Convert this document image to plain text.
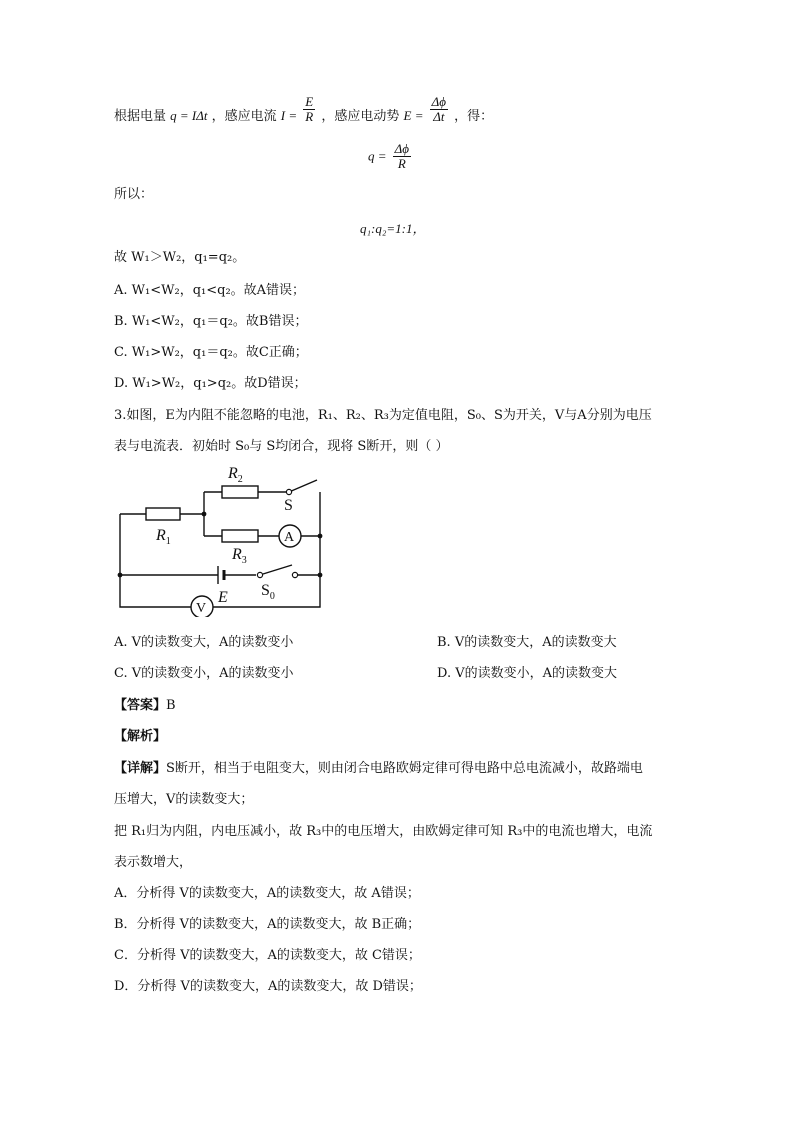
根据电量 q = IΔt ，感应电流 $I = \frac{E}{R}$ ，感应电动势 $E = \frac{\Delta\phi}{\Delta t}$ ，得：
$q = \frac{\Delta\phi}{R}$
所以：
q₁:q₂=1:1，
故 W₁＞W₂，q₁=q₂。
A. W₁<W₂，q₁<q₂。故A错误；
B. W₁<W₂，q₁＝q₂。故B错误；
C. W₁>W₂，q₁＝q₂。故C正确；
D. W₁>W₂，q₁>q₂。故D错误；
3.如图，E为内阻不能忽略的电池，R₁、R₂、R₃为定值电阻，S₀、S为开关，V与A分别为电压
表与电流表．初始时 S₀与 S均闭合，现将 S断开，则（ ）
$R_1$
$R_2$
$R_3$
S
$S_0$
E
A
V
A. V的读数变大，A的读数变小	B. V的读数变大，A的读数变大
C. V的读数变小，A的读数变小	D. V的读数变小，A的读数变大
【答案】B
【解析】
【详解】S断开，相当于电阻变大，则由闭合电路欧姆定律可得电路中总电流减小，故路端电
压增大，V的读数变大；
把 R₁归为内阻，内电压减小，故 R₃中的电压增大，由欧姆定律可知 R₃中的电流也增大，电流
表示数增大，
A．分析得 V的读数变大，A的读数变大，故 A错误；
B．分析得 V的读数变大，A的读数变大，故 B正确；
C．分析得 V的读数变大，A的读数变大，故 C错误；
D．分析得 V的读数变大，A的读数变大，故 D错误；
